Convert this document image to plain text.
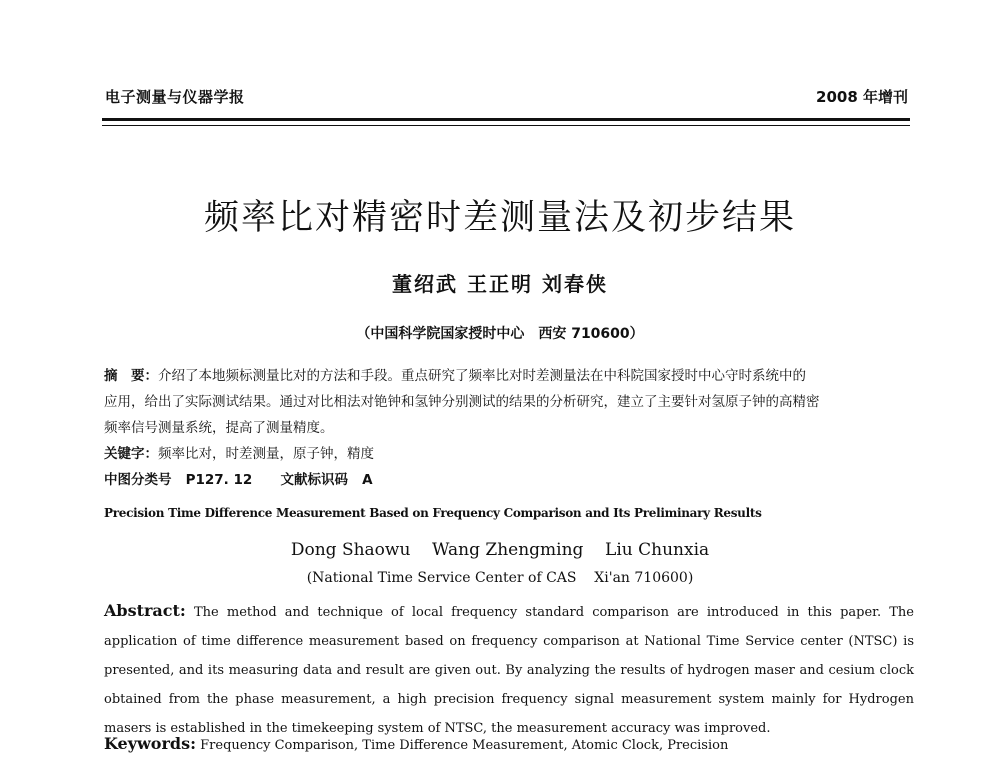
电子测量与仪器学报	2008 年增刊
频率比对精密时差测量法及初步结果
董绍武 王正明 刘春侠
（中国科学院国家授时中心　西安 710600）
摘　要：介绍了本地频标测量比对的方法和手段。重点研究了频率比对时差测量法在中科院国家授时中心守时系统中的
应用，给出了实际测试结果。通过对比相法对铯钟和氢钟分别测试的结果的分析研究，建立了主要针对氢原子钟的高精密
频率信号测量系统，提高了测量精度。
关键字：频率比对，时差测量，原子钟，精度
中图分类号 P127. 12 文献标识码 A
Precision Time Difference Measurement Based on Frequency Comparison and Its Preliminary Results
Dong Shaowu    Wang Zhengming    Liu Chunxia
(National Time Service Center of CAS    Xi'an 710600)
Abstract: The method and technique of local frequency standard comparison are introduced in this paper. The application of time difference measurement based on frequency comparison at National Time Service center (NTSC) is presented, and its measuring data and result are given out. By analyzing the results of hydrogen maser and cesium clock obtained from the phase measurement, a high precision frequency signal measurement system mainly for Hydrogen masers is established in the timekeeping system of NTSC, the measurement accuracy was improved.
Keywords: Frequency Comparison, Time Difference Measurement, Atomic Clock, Precision
